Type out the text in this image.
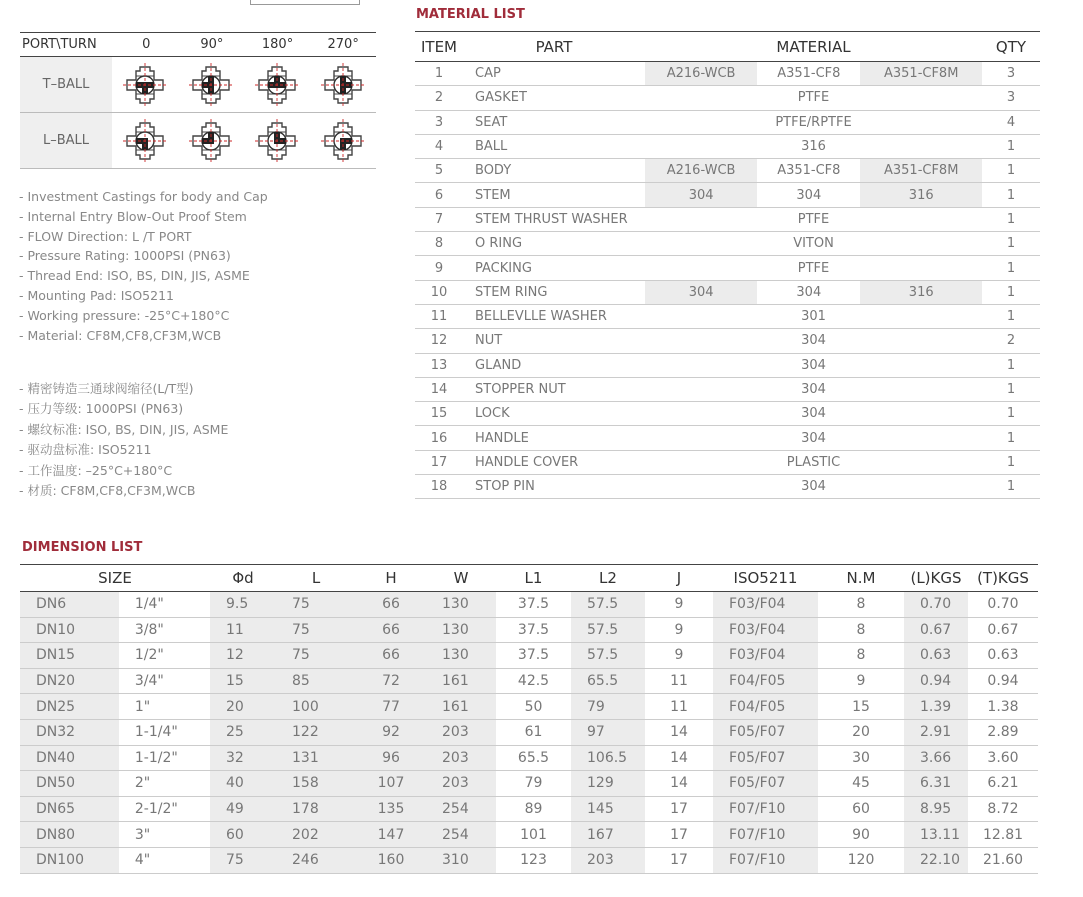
PORT\TURN	0	90°	180°	270°
T–BALL
L–BALL
- Investment Castings for body and Cap
- Internal Entry Blow-Out Proof Stem
- FLOW Direction: L /T PORT
- Pressure Rating: 1000PSI (PN63)
- Thread End: ISO, BS, DIN, JIS, ASME
- Mounting Pad: ISO5211
- Working pressure: -25°C+180°C
- Material: CF8M,CF8,CF3M,WCB
- 精密铸造三通球阀缩径(L/T型)
- 压力等级: 1000PSI (PN63)
- 螺纹标准: ISO, BS, DIN, JIS, ASME
- 驱动盘标准: ISO5211
- 工作温度: –25°C+180°C
- 材质: CF8M,CF8,CF3M,WCB
MATERIAL LIST
ITEM	PART	MATERIAL			QTY
1	CAP	A216-WCB	A351-CF8	A351-CF8M	3
2	GASKET	PTFE			3
3	SEAT	PTFE/RPTFE			4
4	BALL	316			1
5	BODY	A216-WCB	A351-CF8	A351-CF8M	1
6	STEM	304	304	316	1
7	STEM THRUST WASHER	PTFE			1
8	O RING	VITON			1
9	PACKING	PTFE			1
10	STEM RING	304	304	316	1
11	BELLEVLLE WASHER	301			1
12	NUT	304			2
13	GLAND	304			1
14	STOPPER NUT	304			1
15	LOCK	304			1
16	HANDLE	304			1
17	HANDLE COVER	PLASTIC			1
18	STOP PIN	304			1
DIMENSION LIST
SIZE		Φd	L	H	W	L1	L2	J	ISO5211	N.M	(L)KGS	(T)KGS
DN6	1/4"	9.5	75	66	130	37.5	57.5	9	F03/F04	8	0.70	0.70
DN10	3/8"	11	75	66	130	37.5	57.5	9	F03/F04	8	0.67	0.67
DN15	1/2"	12	75	66	130	37.5	57.5	9	F03/F04	8	0.63	0.63
DN20	3/4"	15	85	72	161	42.5	65.5	11	F04/F05	9	0.94	0.94
DN25	1"	20	100	77	161	50	79	11	F04/F05	15	1.39	1.38
DN32	1-1/4"	25	122	92	203	61	97	14	F05/F07	20	2.91	2.89
DN40	1-1/2"	32	131	96	203	65.5	106.5	14	F05/F07	30	3.66	3.60
DN50	2"	40	158	107	203	79	129	14	F05/F07	45	6.31	6.21
DN65	2-1/2"	49	178	135	254	89	145	17	F07/F10	60	8.95	8.72
DN80	3"	60	202	147	254	101	167	17	F07/F10	90	13.11	12.81
DN100	4"	75	246	160	310	123	203	17	F07/F10	120	22.10	21.60
